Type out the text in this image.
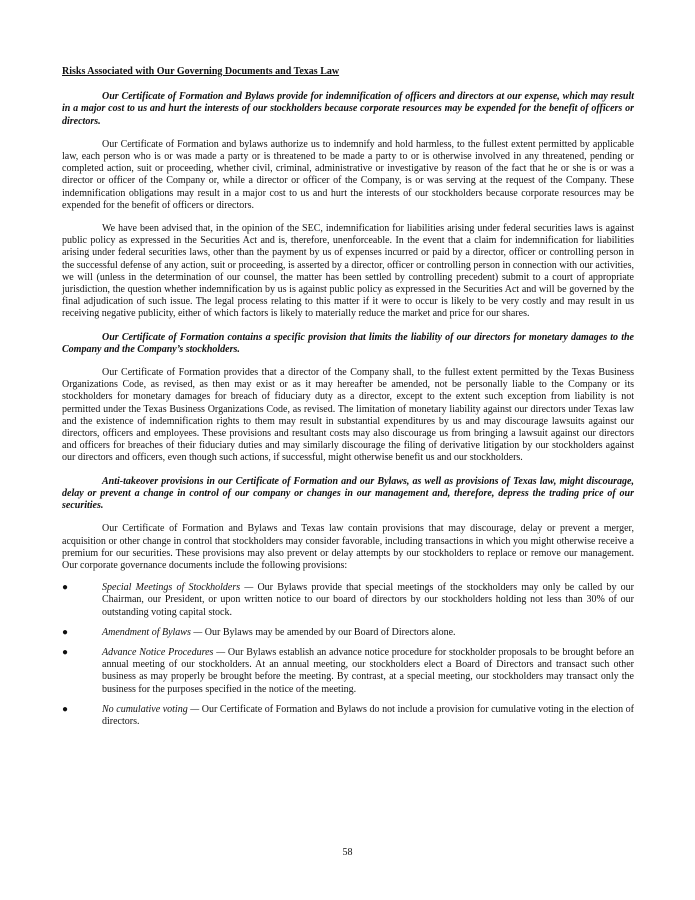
Risks Associated with Our Governing Documents and Texas Law

Our Certificate of Formation and Bylaws provide for indemnification of officers and directors at our expense, which may result in a major cost to us and hurt the interests of our stockholders because corporate resources may be expended for the benefit of officers or directors.

Our Certificate of Formation and bylaws authorize us to indemnify and hold harmless, to the fullest extent permitted by applicable law, each person who is or was made a party or is threatened to be made a party to or is otherwise involved in any threatened, pending or completed action, suit or proceeding, whether civil, criminal, administrative or investigative by reason of the fact that he or she is or was a director or officer of the Company or, while a director or officer of the Company, is or was serving at the request of the Company. These indemnification obligations may result in a major cost to us and hurt the interests of our stockholders because corporate resources may be expended for the benefit of officers or directors.

We have been advised that, in the opinion of the SEC, indemnification for liabilities arising under federal securities laws is against public policy as expressed in the Securities Act and is, therefore, unenforceable. In the event that a claim for indemnification for liabilities arising under federal securities laws, other than the payment by us of expenses incurred or paid by a director, officer or controlling person in the successful defense of any action, suit or proceeding, is asserted by a director, officer or controlling person in connection with our activities, we will (unless in the determination of our counsel, the matter has been settled by controlling precedent) submit to a court of appropriate jurisdiction, the question whether indemnification by us is against public policy as expressed in the Securities Act and will be governed by the final adjudication of such issue. The legal process relating to this matter if it were to occur is likely to be very costly and may result in us receiving negative publicity, either of which factors is likely to materially reduce the market and price for our shares.

Our Certificate of Formation contains a specific provision that limits the liability of our directors for monetary damages to the Company and the Company’s stockholders.

Our Certificate of Formation provides that a director of the Company shall, to the fullest extent permitted by the Texas Business Organizations Code, as revised, as then may exist or as it may hereafter be amended, not be personally liable to the Company or its stockholders for monetary damages for breach of fiduciary duty as a director, except to the extent such exception from liability is not permitted under the Texas Business Organizations Code, as revised. The limitation of monetary liability against our directors under Texas law and the existence of indemnification rights to them may result in substantial expenditures by us and may discourage lawsuits against our directors, officers and employees. These provisions and resultant costs may also discourage us from bringing a lawsuit against our directors and officers for breaches of their fiduciary duties and may similarly discourage the filing of derivative litigation by our stockholders against our directors and officers, even though such actions, if successful, might otherwise benefit us and our stockholders.

Anti-takeover provisions in our Certificate of Formation and our Bylaws, as well as provisions of Texas law, might discourage, delay or prevent a change in control of our company or changes in our management and, therefore, depress the trading price of our securities.

Our Certificate of Formation and Bylaws and Texas law contain provisions that may discourage, delay or prevent a merger, acquisition or other change in control that stockholders may consider favorable, including transactions in which you might otherwise receive a premium for our securities. These provisions may also prevent or delay attempts by our stockholders to replace or remove our management. Our corporate governance documents include the following provisions:

●	Special Meetings of Stockholders — Our Bylaws provide that special meetings of the stockholders may only be called by our Chairman, our President, or upon written notice to our board of directors by our stockholders holding not less than 30% of our outstanding voting capital stock.
●	Amendment of Bylaws — Our Bylaws may be amended by our Board of Directors alone.
●	Advance Notice Procedures — Our Bylaws establish an advance notice procedure for stockholder proposals to be brought before an annual meeting of our stockholders. At an annual meeting, our stockholders elect a Board of Directors and transact such other business as may properly be brought before the meeting. By contrast, at a special meeting, our stockholders may transact only the business for the purposes specified in the notice of the meeting.
●	No cumulative voting — Our Certificate of Formation and Bylaws do not include a provision for cumulative voting in the election of directors.
58
